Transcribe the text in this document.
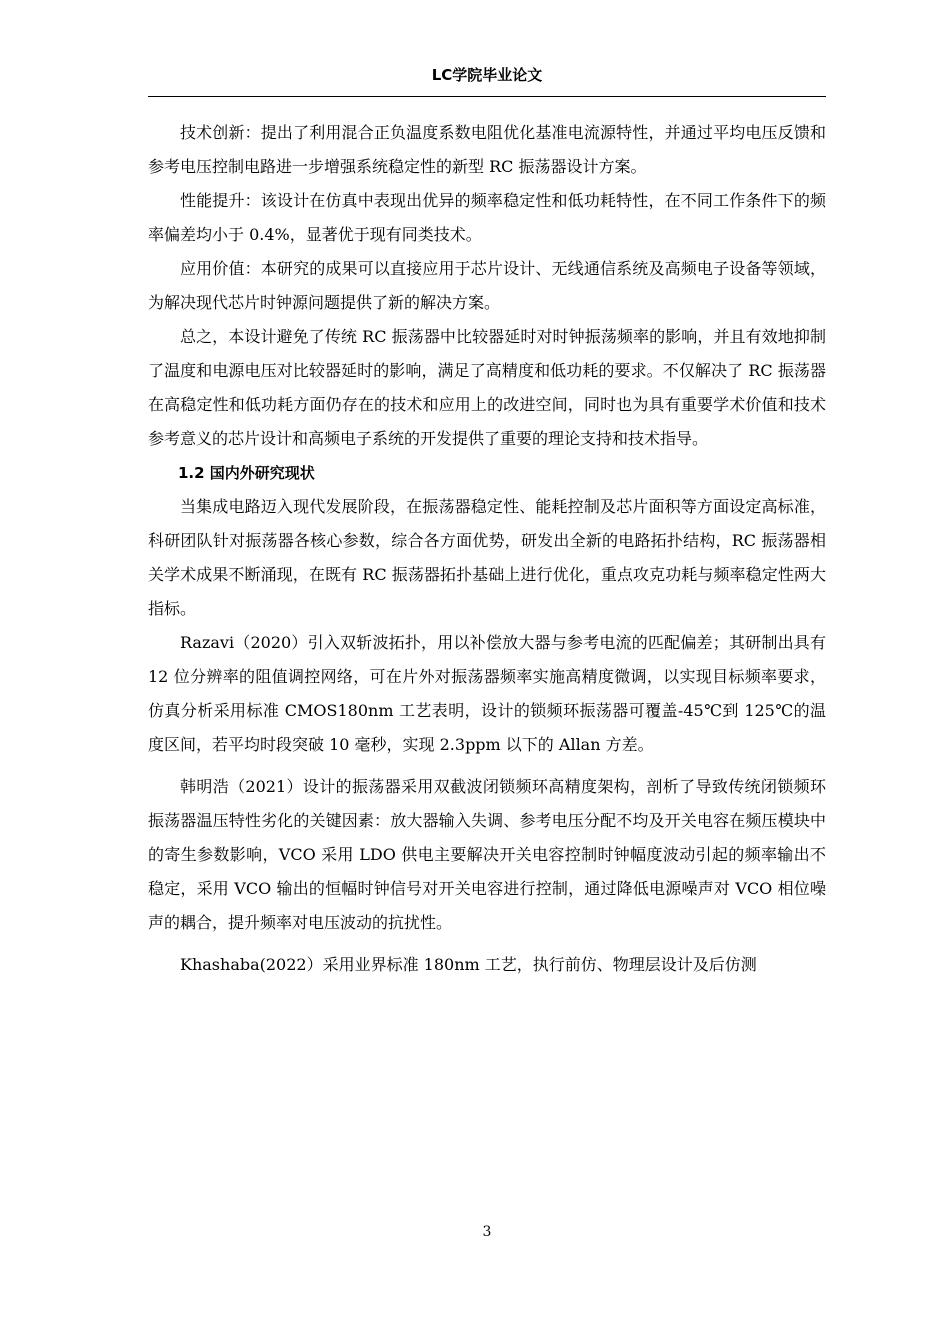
LC学院毕业论文

技术创新：提出了利用混合正负温度系数电阻优化基准电流源特性，并通过平均电压反馈和参考电压控制电路进一步增强系统稳定性的新型 RC 振荡器设计方案。

性能提升：该设计在仿真中表现出优异的频率稳定性和低功耗特性，在不同工作条件下的频率偏差均小于 0.4%，显著优于现有同类技术。

应用价值：本研究的成果可以直接应用于芯片设计、无线通信系统及高频电子设备等领域，为解决现代芯片时钟源问题提供了新的解决方案。

总之，本设计避免了传统 RC 振荡器中比较器延时对时钟振荡频率的影响，并且有效地抑制了温度和电源电压对比较器延时的影响，满足了高精度和低功耗的要求。不仅解决了 RC 振荡器在高稳定性和低功耗方面仍存在的技术和应用上的改进空间，同时也为具有重要学术价值和技术参考意义的芯片设计和高频电子系统的开发提供了重要的理论支持和技术指导。

1.2 国内外研究现状

当集成电路迈入现代发展阶段，在振荡器稳定性、能耗控制及芯片面积等方面设定高标准，科研团队针对振荡器各核心参数，综合各方面优势，研发出全新的电路拓扑结构，RC 振荡器相关学术成果不断涌现，在既有 RC 振荡器拓扑基础上进行优化，重点攻克功耗与频率稳定性两大指标。

Razavi（2020）引入双斩波拓扑，用以补偿放大器与参考电流的匹配偏差；其研制出具有 12 位分辨率的阻值调控网络，可在片外对振荡器频率实施高精度微调，以实现目标频率要求，仿真分析采用标准 CMOS180nm 工艺表明，设计的锁频环振荡器可覆盖-45℃到 125℃的温度区间，若平均时段突破 10 毫秒，实现 2.3ppm 以下的 Allan 方差。

韩明浩（2021）设计的振荡器采用双截波闭锁频环高精度架构，剖析了导致传统闭锁频环振荡器温压特性劣化的关键因素：放大器输入失调、参考电压分配不均及开关电容在频压模块中的寄生参数影响，VCO 采用 LDO 供电主要解决开关电容控制时钟幅度波动引起的频率输出不稳定，采用 VCO 输出的恒幅时钟信号对开关电容进行控制，通过降低电源噪声对 VCO 相位噪声的耦合，提升频率对电压波动的抗扰性。

Khashaba(2022）采用业界标准 180nm 工艺，执行前仿、物理层设计及后仿测

3
